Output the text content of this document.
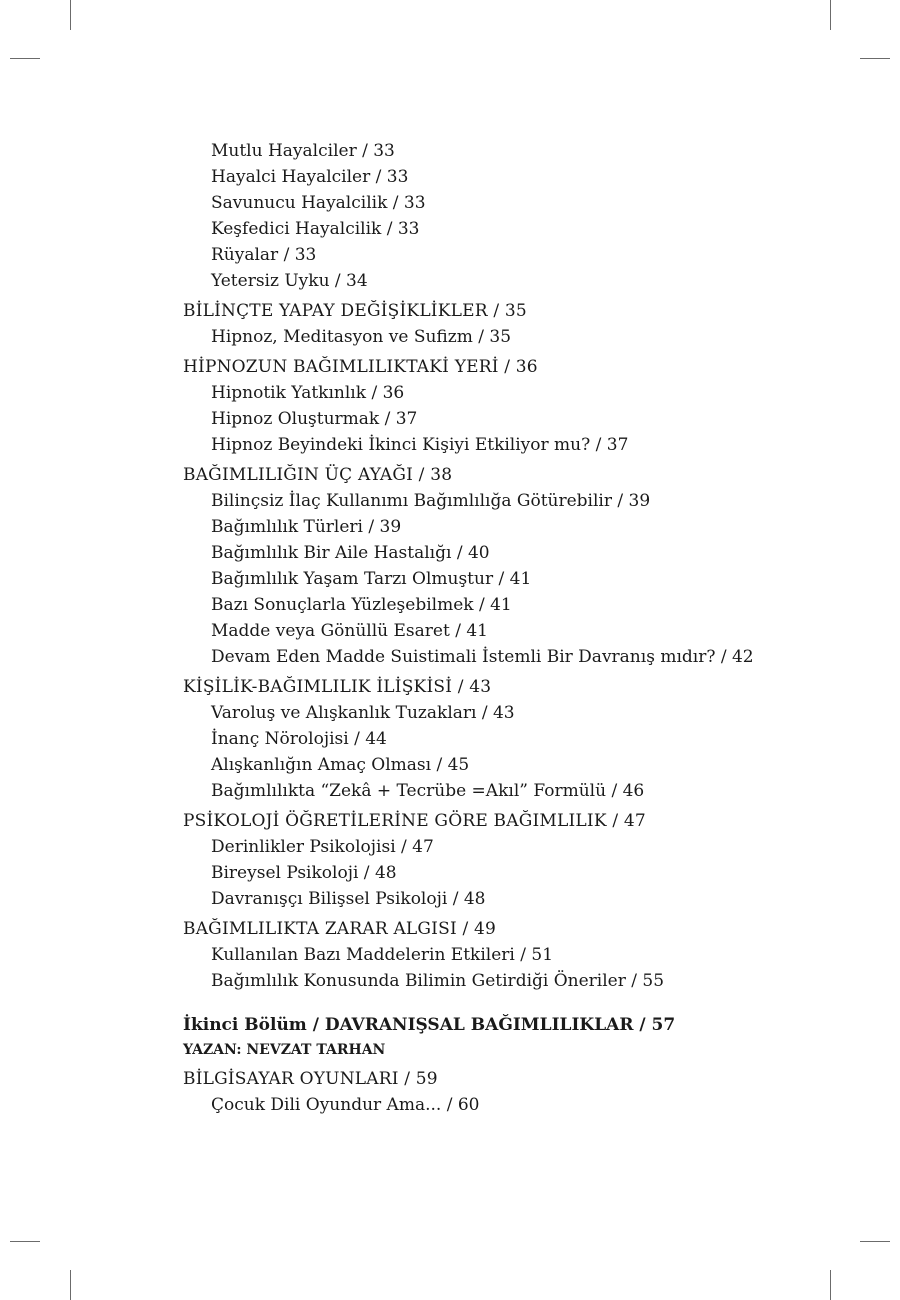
Mutlu Hayalciler / 33
Hayalci Hayalciler / 33
Savunucu Hayalcilik / 33
Keşfedici Hayalcilik / 33
Rüyalar / 33
Yetersiz Uyku / 34
BİLİNÇTE YAPAY DEĞİŞİKLİKLER / 35
Hipnoz, Meditasyon ve Sufizm / 35
HİPNOZUN BAĞIMLILIKTAKİ YERİ / 36
Hipnotik Yatkınlık / 36
Hipnoz Oluşturmak / 37
Hipnoz Beyindeki İkinci Kişiyi Etkiliyor mu? / 37
BAĞIMLILIĞIN ÜÇ AYAĞI / 38
Bilinçsiz İlaç Kullanımı Bağımlılığa Götürebilir / 39
Bağımlılık Türleri / 39
Bağımlılık Bir Aile Hastalığı / 40
Bağımlılık Yaşam Tarzı Olmuştur / 41
Bazı Sonuçlarla Yüzleşebilmek / 41
Madde veya Gönüllü Esaret / 41
Devam Eden Madde Suistimali İstemli Bir Davranış mıdır? / 42
KİŞİLİK-BAĞIMLILIK İLİŞKİSİ / 43
Varoluş ve Alışkanlık Tuzakları / 43
İnanç Nörolojisi / 44
Alışkanlığın Amaç Olması / 45
Bağımlılıkta “Zekâ + Tecrübe =Akıl” Formülü / 46
PSİKOLOJİ ÖĞRETİLERİNE GÖRE BAĞIMLILIK / 47
Derinlikler Psikolojisi / 47
Bireysel Psikoloji / 48
Davranışçı Bilişsel Psikoloji / 48
BAĞIMLILIKTA ZARAR ALGISI / 49
Kullanılan Bazı Maddelerin Etkileri / 51
Bağımlılık Konusunda Bilimin Getirdiği Öneriler / 55
İkinci Bölüm / DAVRANIŞSAL BAĞIMLILIKLAR / 57
YAZAN: NEVZAT TARHAN
BİLGİSAYAR OYUNLARI / 59
Çocuk Dili Oyundur Ama... / 60
